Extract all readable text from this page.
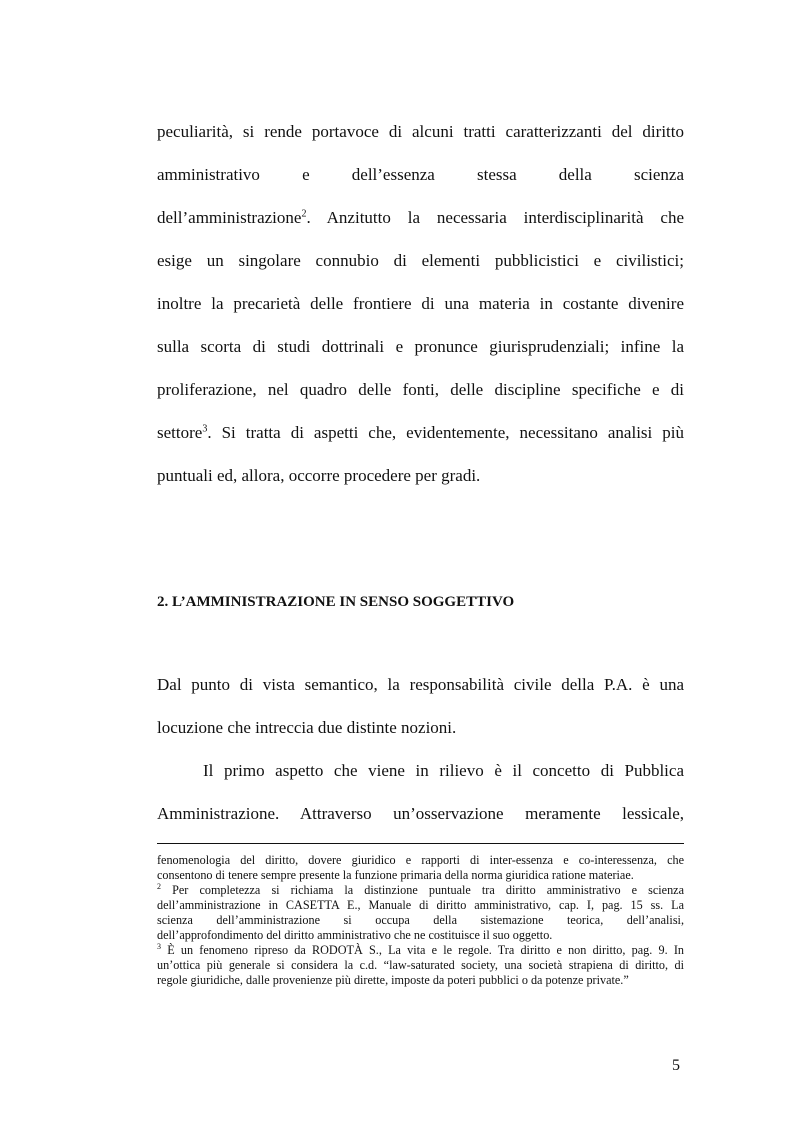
peculiarità, si rende portavoce di alcuni tratti caratterizzanti del diritto
amministrativo e dell’essenza stessa della scienza
dell’amministrazione$^2$. Anzitutto la necessaria interdisciplinarità che
esige un singolare connubio di elementi pubblicistici e civilistici;
inoltre la precarietà delle frontiere di una materia in costante divenire
sulla scorta di studi dottrinali e pronunce giurisprudenziali; infine la
proliferazione, nel quadro delle fonti, delle discipline specifiche e di
settore$^3$. Si tratta di aspetti che, evidentemente, necessitano analisi più
puntuali ed, allora, occorre procedere per gradi.
2. L’AMMINISTRAZIONE IN SENSO SOGGETTIVO
Dal punto di vista semantico, la responsabilità civile della P.A. è una
locuzione che intreccia due distinte nozioni.
Il primo aspetto che viene in rilievo è il concetto di Pubblica
Amministrazione. Attraverso un’osservazione meramente lessicale,
fenomenologia del diritto, dovere giuridico e rapporti di inter-essenza e co-interessenza, che
consentono di tenere sempre presente la funzione primaria della norma giuridica ratione materiae.
$^2$ Per completezza si richiama la distinzione puntuale tra diritto amministrativo e scienza
dell’amministrazione in CASETTA E., Manuale di diritto amministrativo, cap. I, pag. 15 ss. La
scienza dell’amministrazione si occupa della sistemazione teorica, dell’analisi,
dell’approfondimento del diritto amministrativo che ne costituisce il suo oggetto.
$^3$ È un fenomeno ripreso da RODOTÀ S., La vita e le regole. Tra diritto e non diritto, pag. 9. In
un’ottica più generale si considera la c.d. “law-saturated society, una società strapiena di diritto, di
regole giuridiche, dalle provenienze più dirette, imposte da poteri pubblici o da potenze private.”
5
